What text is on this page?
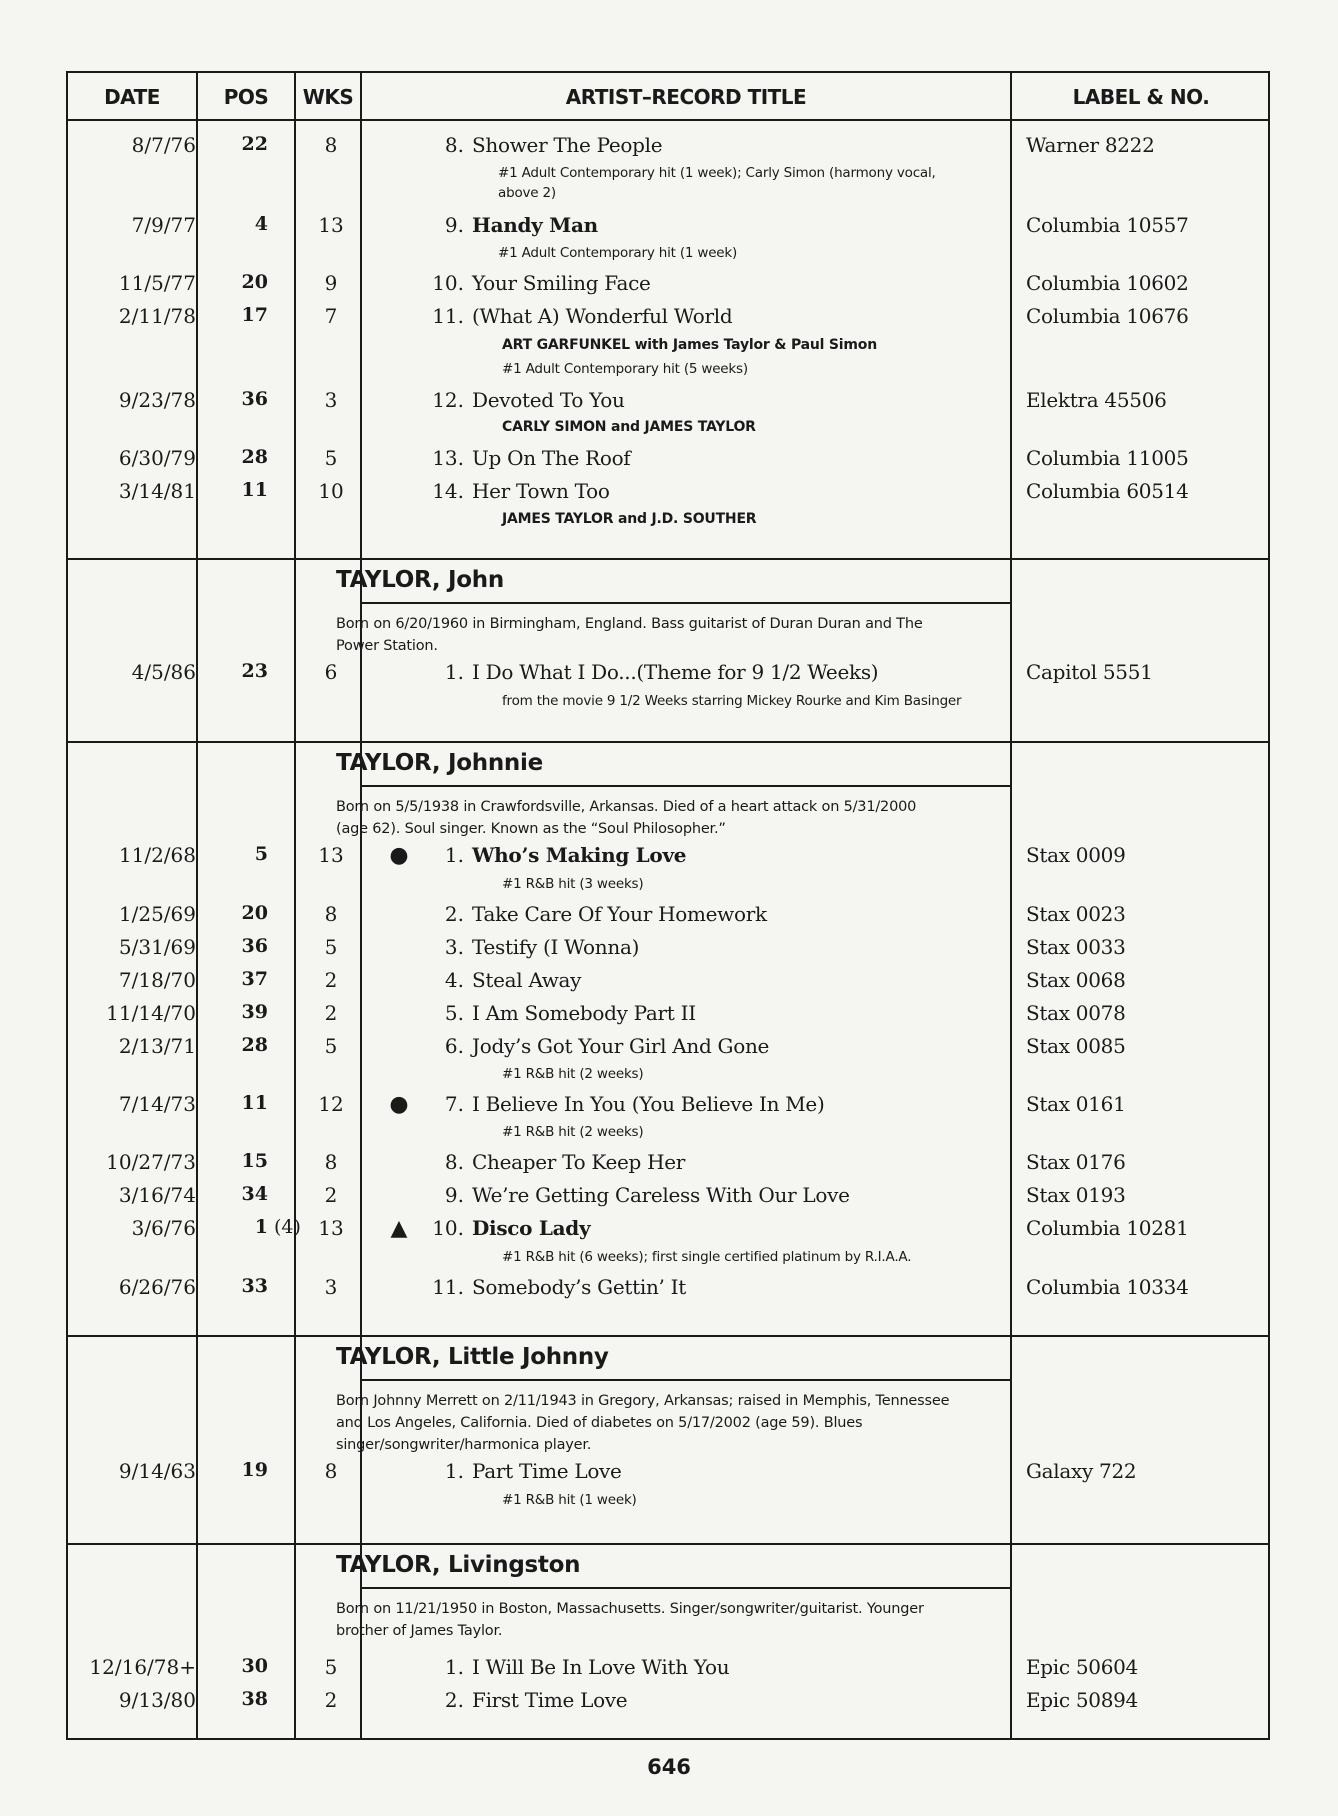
DATE	POS	WKS	ARTIST–RECORD TITLE	LABEL & NO.
8/7/76	22	8	8. Shower The People	Warner 8222
#1 Adult Contemporary hit (1 week); Carly Simon (harmony vocal,
above 2)
7/9/77	4	13	9. Handy Man	Columbia 10557
#1 Adult Contemporary hit (1 week)
11/5/77	20	9	10. Your Smiling Face	Columbia 10602
2/11/78	17	7	11. (What A) Wonderful World	Columbia 10676
ART GARFUNKEL with James Taylor & Paul Simon
#1 Adult Contemporary hit (5 weeks)
9/23/78	36	3	12. Devoted To You	Elektra 45506
CARLY SIMON and JAMES TAYLOR
6/30/79	28	5	13. Up On The Roof	Columbia 11005
3/14/81	11	10	14. Her Town Too	Columbia 60514
JAMES TAYLOR and J.D. SOUTHER
TAYLOR, John
Born on 6/20/1960 in Birmingham, England. Bass guitarist of Duran Duran and The Power Station.
4/5/86	23	6	1. I Do What I Do...(Theme for 9 1/2 Weeks)	Capitol 5551
from the movie 9 1/2 Weeks starring Mickey Rourke and Kim Basinger
TAYLOR, Johnnie
Born on 5/5/1938 in Crawfordsville, Arkansas. Died of a heart attack on 5/31/2000 (age 62). Soul singer. Known as the “Soul Philosopher.”
11/2/68	5	13	●	1. Who’s Making Love	Stax 0009
#1 R&B hit (3 weeks)
1/25/69	20	8	2. Take Care Of Your Homework	Stax 0023
5/31/69	36	5	3. Testify (I Wonna)	Stax 0033
7/18/70	37	2	4. Steal Away	Stax 0068
11/14/70	39	2	5. I Am Somebody Part II	Stax 0078
2/13/71	28	5	6. Jody’s Got Your Girl And Gone	Stax 0085
#1 R&B hit (2 weeks)
7/14/73	11	12	●	7. I Believe In You (You Believe In Me)	Stax 0161
#1 R&B hit (2 weeks)
10/27/73	15	8	8. Cheaper To Keep Her	Stax 0176
3/16/74	34	2	9. We’re Getting Careless With Our Love	Stax 0193
3/6/76	1 (4) 13	▲	10. Disco Lady	Columbia 10281
#1 R&B hit (6 weeks); first single certified platinum by R.I.A.A.
6/26/76	33	3	11. Somebody’s Gettin’ It	Columbia 10334
TAYLOR, Little Johnny
Born Johnny Merrett on 2/11/1943 in Gregory, Arkansas; raised in Memphis, Tennessee and Los Angeles, California. Died of diabetes on 5/17/2002 (age 59). Blues singer/songwriter/harmonica player.
9/14/63	19	8	1. Part Time Love	Galaxy 722
#1 R&B hit (1 week)
TAYLOR, Livingston
Born on 11/21/1950 in Boston, Massachusetts. Singer/songwriter/guitarist. Younger brother of James Taylor.
12/16/78+	30	5	1. I Will Be In Love With You	Epic 50604
9/13/80	38	2	2. First Time Love	Epic 50894
646
